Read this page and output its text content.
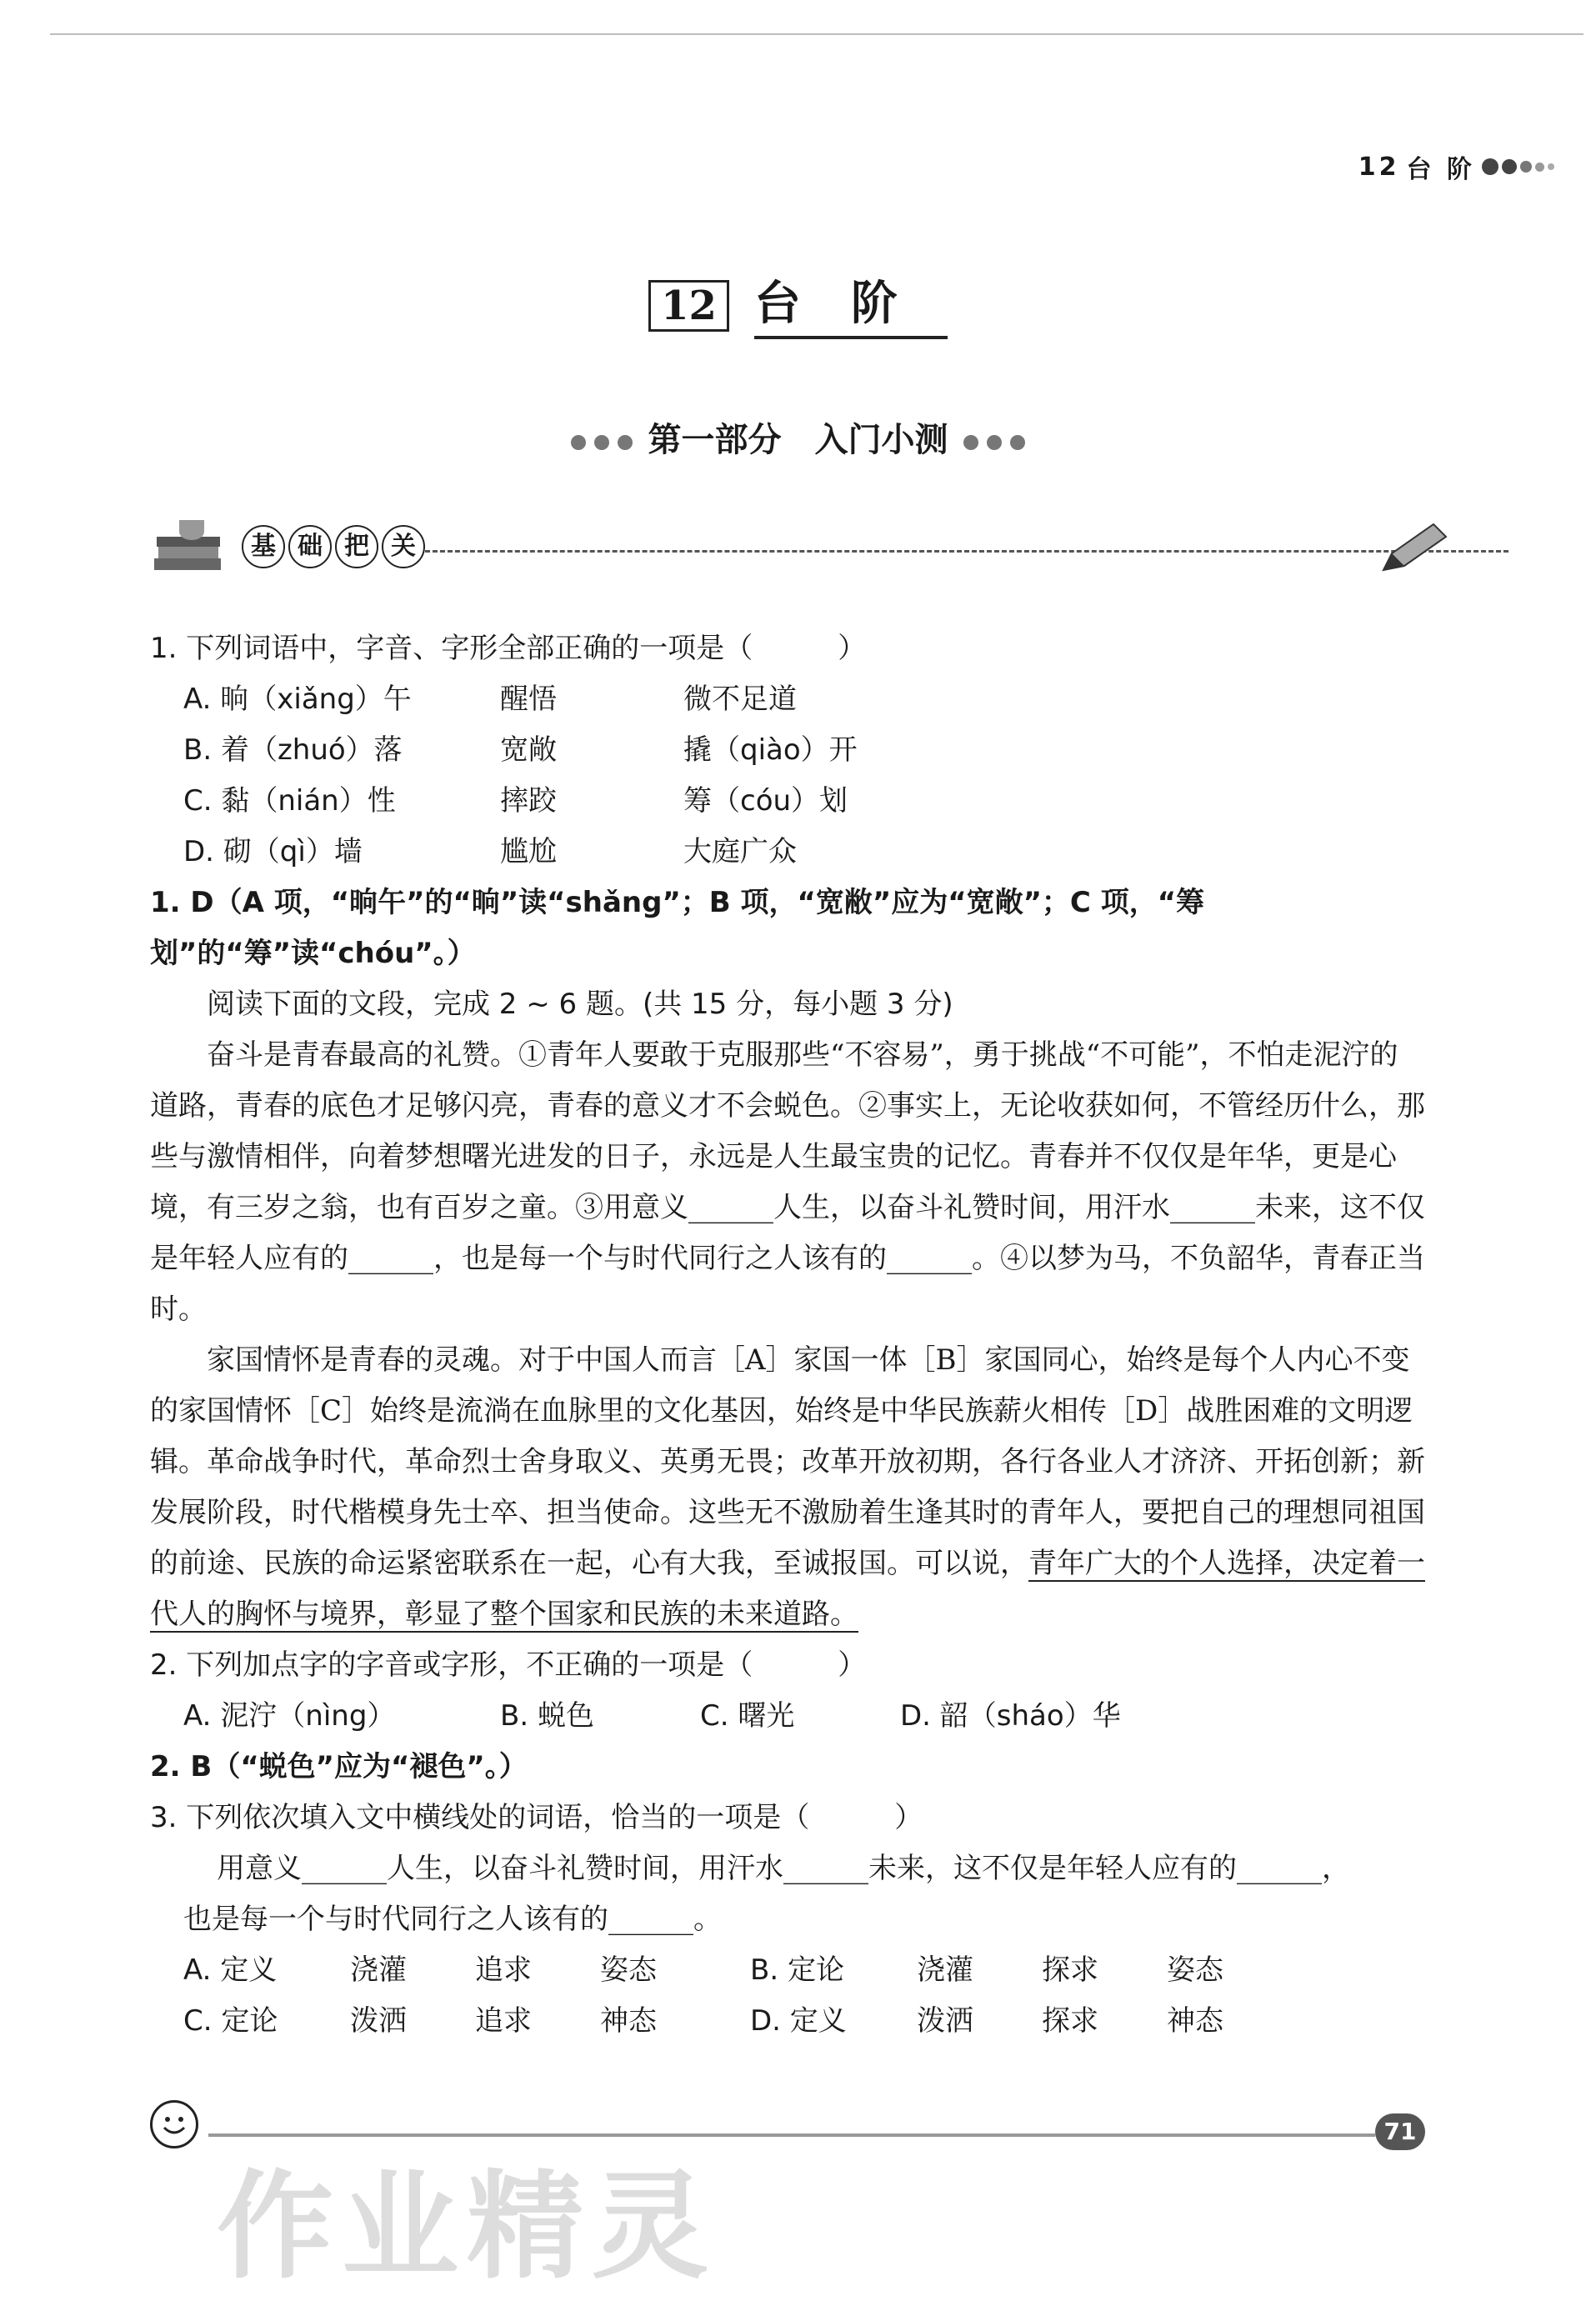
12 台 阶
12 台阶
第一部分　入门小测
基 础 把 关

1. 下列词语中，字音、字形全部正确的一项是（　　　）

A. 晌（xiǎng）午	醒悟	微不足道
B. 着（zhuó）落	宽敞	撬（qiào）开
C. 黏（nián）性	摔跤	筹（cóu）划
D. 砌（qì）墙	尴尬	大庭广众

1. D（A 项，“晌午”的“晌”读“shǎng”；B 项，“宽敝”应为“宽敞”；C 项，“筹划”的“筹”读“chóu”。）

阅读下面的文段，完成 2 ~ 6 题。(共 15 分，每小题 3 分)

奋斗是青春最高的礼赞。①青年人要敢于克服那些“不容易”，勇于挑战“不可能”，不怕走泥泞的道路，青春的底色才足够闪亮，青春的意义才不会蜕色。②事实上，无论收获如何，不管经历什么，那些与激情相伴，向着梦想曙光进发的日子，永远是人生最宝贵的记忆。青春并不仅仅是年华，更是心境，有三岁之翁，也有百岁之童。③用意义______人生，以奋斗礼赞时间，用汗水______未来，这不仅是年轻人应有的______，也是每一个与时代同行之人该有的______。④以梦为马，不负韶华，青春正当时。

家国情怀是青春的灵魂。对于中国人而言［A］家国一体［B］家国同心，始终是每个人内心不变的家国情怀［C］始终是流淌在血脉里的文化基因，始终是中华民族薪火相传［D］战胜困难的文明逻辑。革命战争时代，革命烈士舍身取义、英勇无畏；改革开放初期，各行各业人才济济、开拓创新；新发展阶段，时代楷模身先士卒、担当使命。这些无不激励着生逢其时的青年人，要把自己的理想同祖国的前途、民族的命运紧密联系在一起，心有大我，至诚报国。可以说，青年广大的个人选择，决定着一代人的胸怀与境界，彰显了整个国家和民族的未来道路。

2. 下列加点字的字音或字形，不正确的一项是（　　　）

A. 泥泞（nìng）	B. 蜕色	C. 曙光	D. 韶（sháo）华

2. B（“蜕色”应为“褪色”。）

3. 下列依次填入文中横线处的词语，恰当的一项是（　　　）

用意义______人生，以奋斗礼赞时间，用汗水______未来，这不仅是年轻人应有的______，

也是每一个与时代同行之人该有的______。

A. 定义	浇灌	追求	姿态	B. 定论	浇灌	探求	姿态
C. 定论	泼洒	追求	神态	D. 定义	泼洒	探求	神态
71
作业精灵
